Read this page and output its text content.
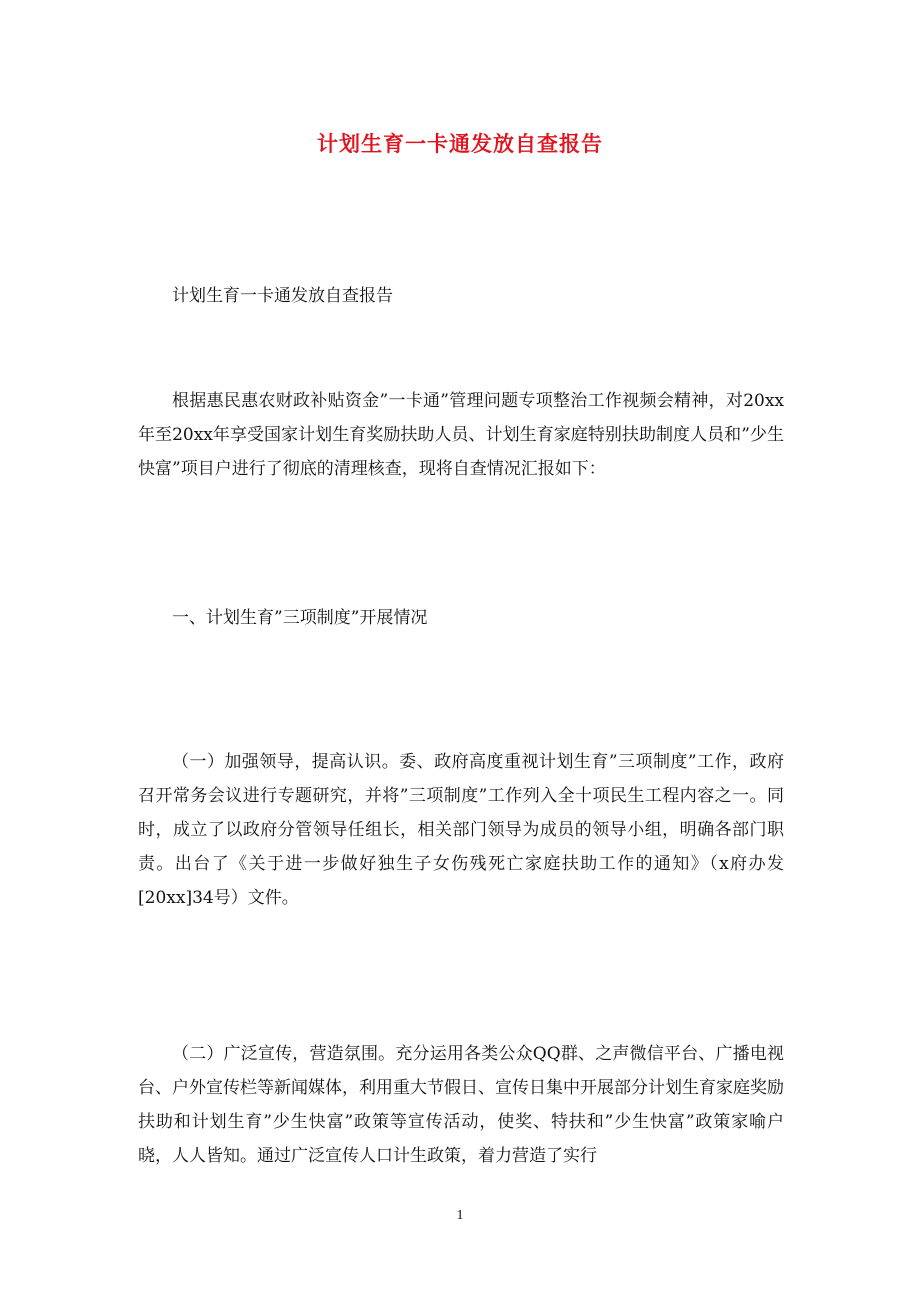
计划生育一卡通发放自查报告

计划生育一卡通发放自查报告

根据惠民惠农财政补贴资金”一卡通”管理问题专项整治工作视频会精神，对20xx年至20xx年享受国家计划生育奖励扶助人员、计划生育家庭特别扶助制度人员和”少生快富”项目户进行了彻底的清理核查，现将自查情况汇报如下：

一、计划生育”三项制度”开展情况

（一）加强领导，提高认识。委、政府高度重视计划生育”三项制度”工作，政府召开常务会议进行专题研究，并将”三项制度”工作列入全十项民生工程内容之一。同时，成立了以政府分管领导任组长，相关部门领导为成员的领导小组，明确各部门职责。出台了《关于进一步做好独生子女伤残死亡家庭扶助工作的通知》（x府办发[20xx]34号）文件。

（二）广泛宣传，营造氛围。充分运用各类公众QQ群、之声微信平台、广播电视台、户外宣传栏等新闻媒体，利用重大节假日、宣传日集中开展部分计划生育家庭奖励扶助和计划生育”少生快富”政策等宣传活动，使奖、特扶和”少生快富”政策家喻户晓，人人皆知。通过广泛宣传人口计生政策，着力营造了实行

1
